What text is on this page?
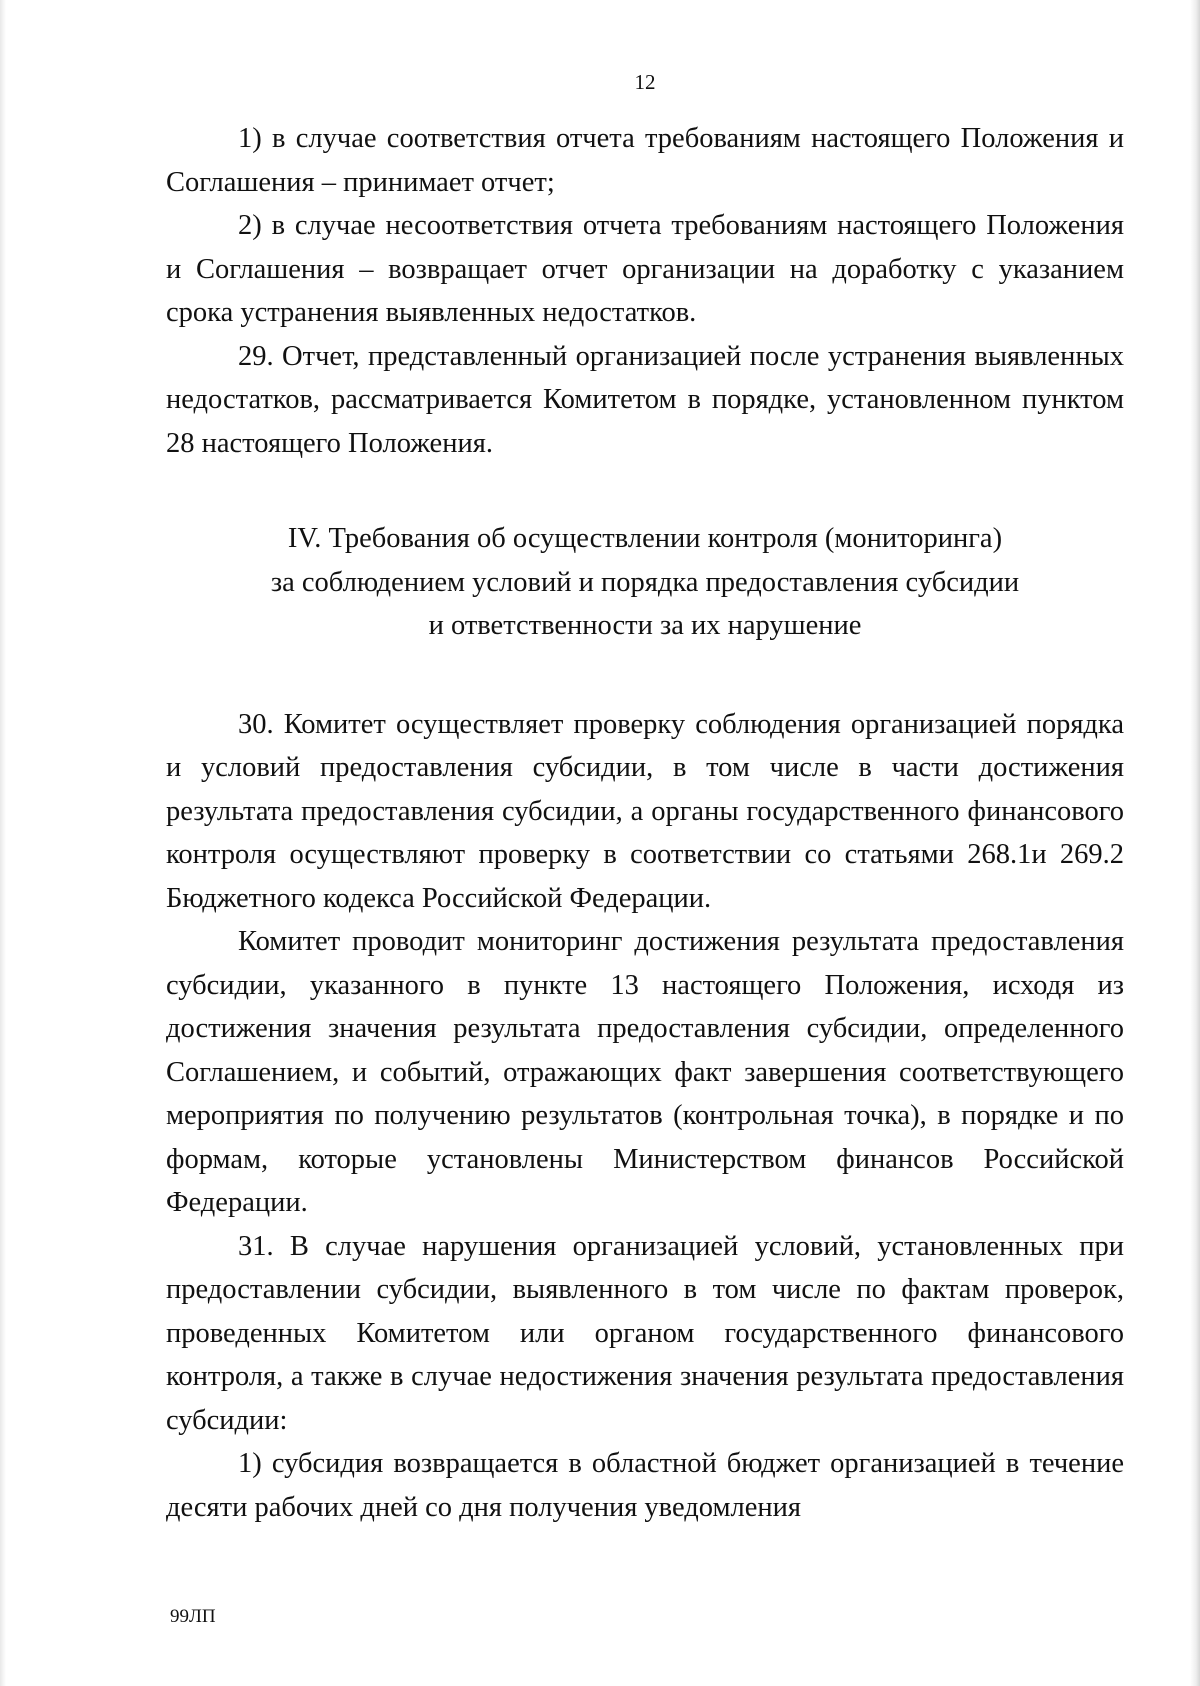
12

1) в случае соответствия отчета требованиям настоящего Положения и Соглашения – принимает отчет;

2) в случае несоответствия отчета требованиям настоящего Положения и Соглашения – возвращает отчет организации на доработку с указанием срока устранения выявленных недостатков.

29. Отчет, представленный организацией после устранения выявленных недостатков, рассматривается Комитетом в порядке, установленном пунктом 28 настоящего Положения.

IV. Требования об осуществлении контроля (мониторинга)
за соблюдением условий и порядка предоставления субсидии
и ответственности за их нарушение

30. Комитет осуществляет проверку соблюдения организацией порядка и условий предоставления субсидии, в том числе в части достижения результата предоставления субсидии, а органы государственного финансового контроля осуществляют проверку в соответствии со статьями 268.1и 269.2 Бюджетного кодекса Российской Федерации.

Комитет проводит мониторинг достижения результата предоставления субсидии, указанного в пункте 13 настоящего Положения, исходя из достижения значения результата предоставления субсидии, определенного Соглашением, и событий, отражающих факт завершения соответствующего мероприятия по получению результатов (контрольная точка), в порядке и по формам, которые установлены Министерством финансов Российской Федерации.

31. В случае нарушения организацией условий, установленных при предоставлении субсидии, выявленного в том числе по фактам проверок, проведенных Комитетом или органом государственного финансового контроля, а также в случае недостижения значения результата предоставления субсидии:

1) субсидия возвращается в областной бюджет организацией в течение десяти рабочих дней со дня получения уведомления

99ЛП
